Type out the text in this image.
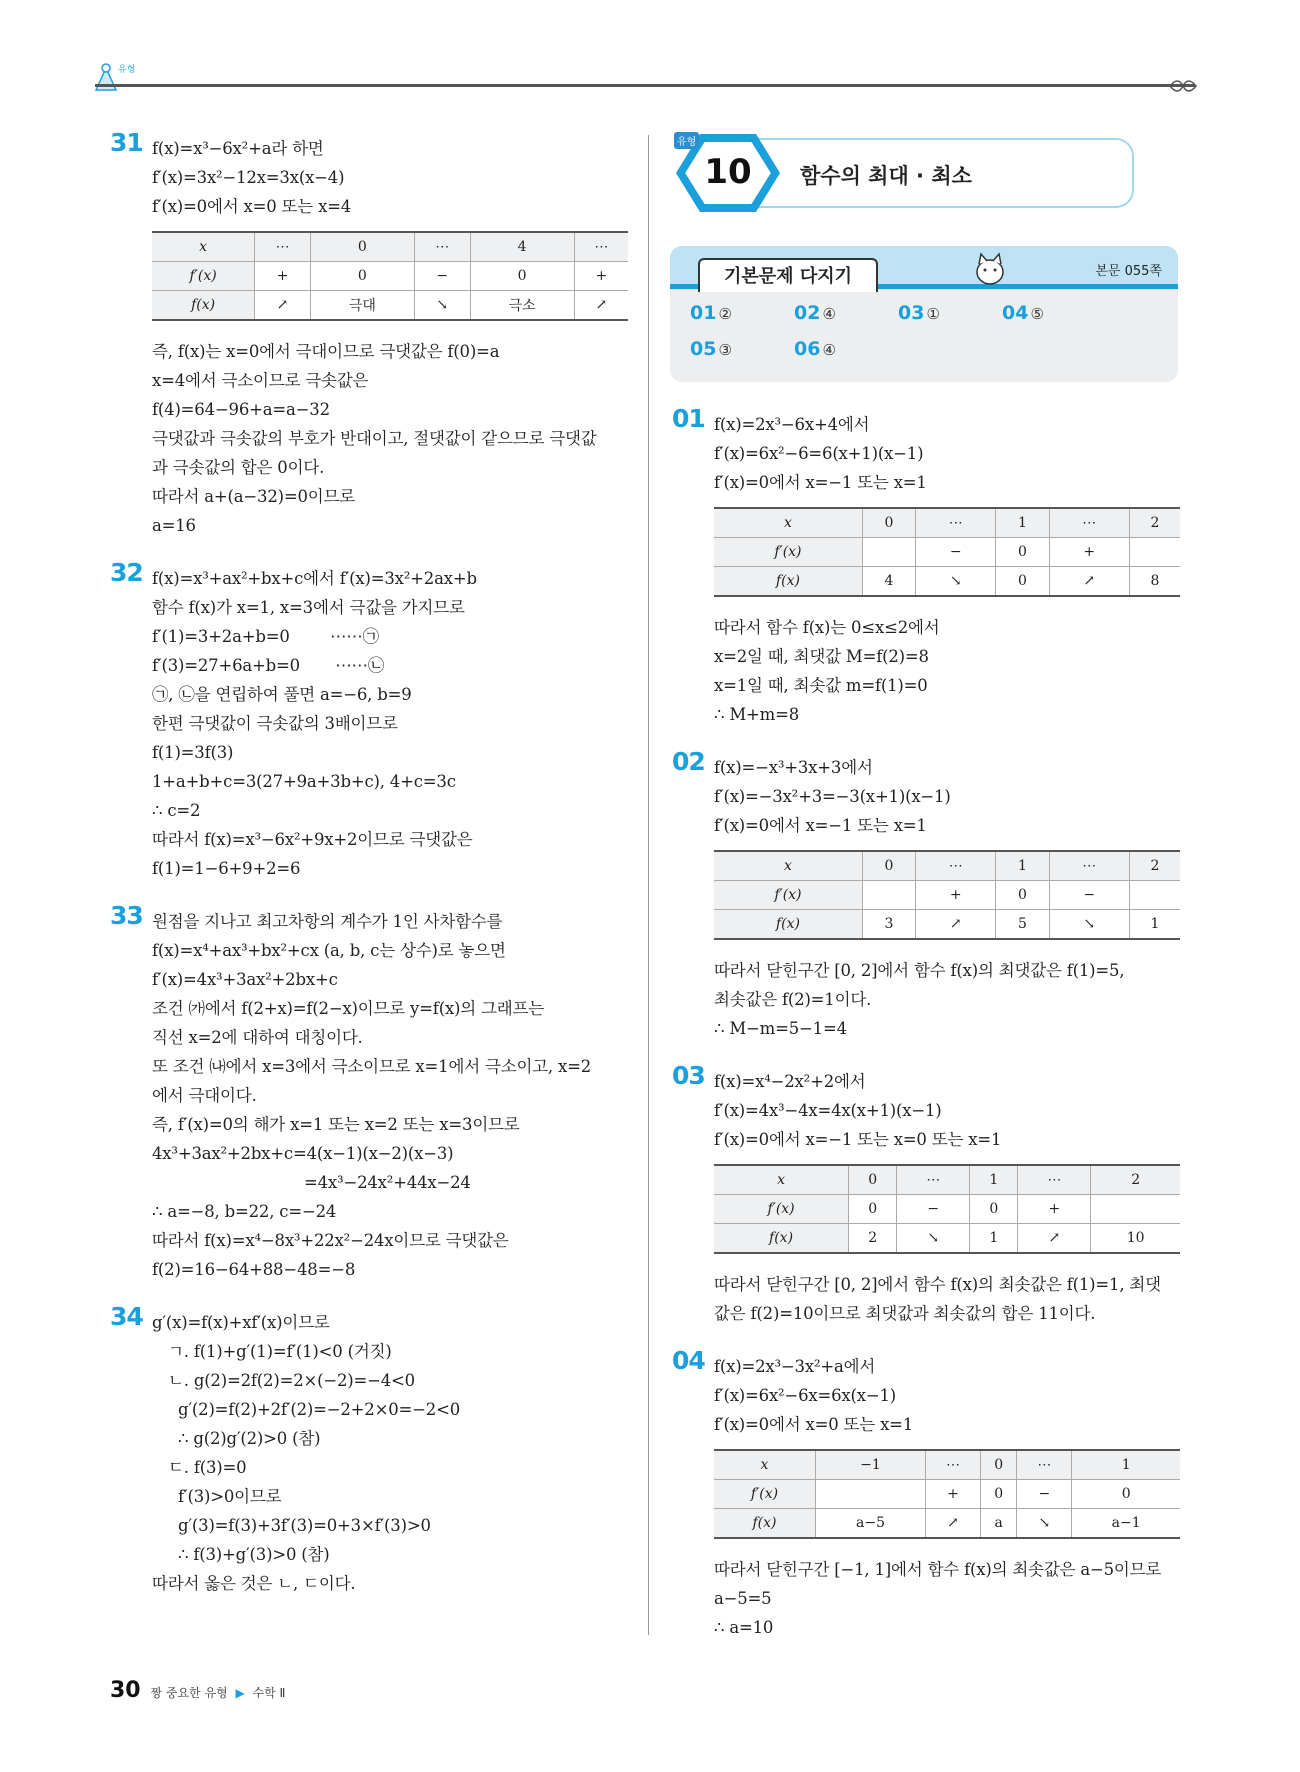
유형
31 f(x)=x³−6x²+a라 하면
f′(x)=3x²−12x=3x(x−4)
f′(x)=0에서 x=0 또는 x=4
x	⋯	0	⋯	4	⋯
f′(x)	+	0	−	0	+
f(x)	↗	극대	↘	극소	↗
즉, f(x)는 x=0에서 극대이므로 극댓값은 f(0)=a
x=4에서 극소이므로 극솟값은
f(4)=64−96+a=a−32
극댓값과 극솟값의 부호가 반대이고, 절댓값이 같으므로 극댓값
과 극솟값의 합은 0이다.
따라서 a+(a−32)=0이므로
a=16
32 f(x)=x³+ax²+bx+c에서 f′(x)=3x²+2ax+b
함수 f(x)가 x=1, x=3에서 극값을 가지므로
f′(1)=3+2a+b=0        ⋯⋯㉠
f′(3)=27+6a+b=0       ⋯⋯㉡
㉠, ㉡을 연립하여 풀면 a=−6, b=9
한편 극댓값이 극솟값의 3배이므로
f(1)=3f(3)
1+a+b+c=3(27+9a+3b+c), 4+c=3c
∴ c=2
따라서 f(x)=x³−6x²+9x+2이므로 극댓값은
f(1)=1−6+9+2=6
33 원점을 지나고 최고차항의 계수가 1인 사차함수를
f(x)=x⁴+ax³+bx²+cx (a, b, c는 상수)로 놓으면
f′(x)=4x³+3ax²+2bx+c
조건 ㈎에서 f(2+x)=f(2−x)이므로 y=f(x)의 그래프는
직선 x=2에 대하여 대칭이다.
또 조건 ㈏에서 x=3에서 극소이므로 x=1에서 극소이고, x=2
에서 극대이다.
즉, f′(x)=0의 해가 x=1 또는 x=2 또는 x=3이므로
4x³+3ax²+2bx+c=4(x−1)(x−2)(x−3)
=4x³−24x²+44x−24
∴ a=−8, b=22, c=−24
따라서 f(x)=x⁴−8x³+22x²−24x이므로 극댓값은
f(2)=16−64+88−48=−8
34 g′(x)=f(x)+xf′(x)이므로
ㄱ. f(1)+g′(1)=f′(1)<0 (거짓)
ㄴ. g(2)=2f(2)=2×(−2)=−4<0
g′(2)=f(2)+2f′(2)=−2+2×0=−2<0
∴ g(2)g′(2)>0 (참)
ㄷ. f(3)=0
f′(3)>0이므로
g′(3)=f(3)+3f′(3)=0+3×f′(3)>0
∴ f(3)+g′(3)>0 (참)
따라서 옳은 것은 ㄴ, ㄷ이다.
유형
10	함수의 최대 · 최소
기본문제 다지기	본문 055쪽
01 ②	02 ④	03 ①	04 ⑤
05 ③	06 ④
01 f(x)=2x³−6x+4에서
f′(x)=6x²−6=6(x+1)(x−1)
f′(x)=0에서 x=−1 또는 x=1
x	0	⋯	1	⋯	2
f′(x)		−	0	+	
f(x)	4	↘	0	↗	8
따라서 함수 f(x)는 0≤x≤2에서
x=2일 때, 최댓값 M=f(2)=8
x=1일 때, 최솟값 m=f(1)=0
∴ M+m=8
02 f(x)=−x³+3x+3에서
f′(x)=−3x²+3=−3(x+1)(x−1)
f′(x)=0에서 x=−1 또는 x=1
x	0	⋯	1	⋯	2
f′(x)		+	0	−	
f(x)	3	↗	5	↘	1
따라서 닫힌구간 [0, 2]에서 함수 f(x)의 최댓값은 f(1)=5,
최솟값은 f(2)=1이다.
∴ M−m=5−1=4
03 f(x)=x⁴−2x²+2에서
f′(x)=4x³−4x=4x(x+1)(x−1)
f′(x)=0에서 x=−1 또는 x=0 또는 x=1
x	0	⋯	1	⋯	2
f′(x)	0	−	0	+	
f(x)	2	↘	1	↗	10
따라서 닫힌구간 [0, 2]에서 함수 f(x)의 최솟값은 f(1)=1, 최댓
값은 f(2)=10이므로 최댓값과 최솟값의 합은 11이다.
04 f(x)=2x³−3x²+a에서
f′(x)=6x²−6x=6x(x−1)
f′(x)=0에서 x=0 또는 x=1
x	−1	⋯	0	⋯	1
f′(x)		+	0	−	0
f(x)	a−5	↗	a	↘	a−1
따라서 닫힌구간 [−1, 1]에서 함수 f(x)의 최솟값은 a−5이므로
a−5=5
∴ a=10
30 짱 중요한 유형 ▶ 수학 Ⅱ
